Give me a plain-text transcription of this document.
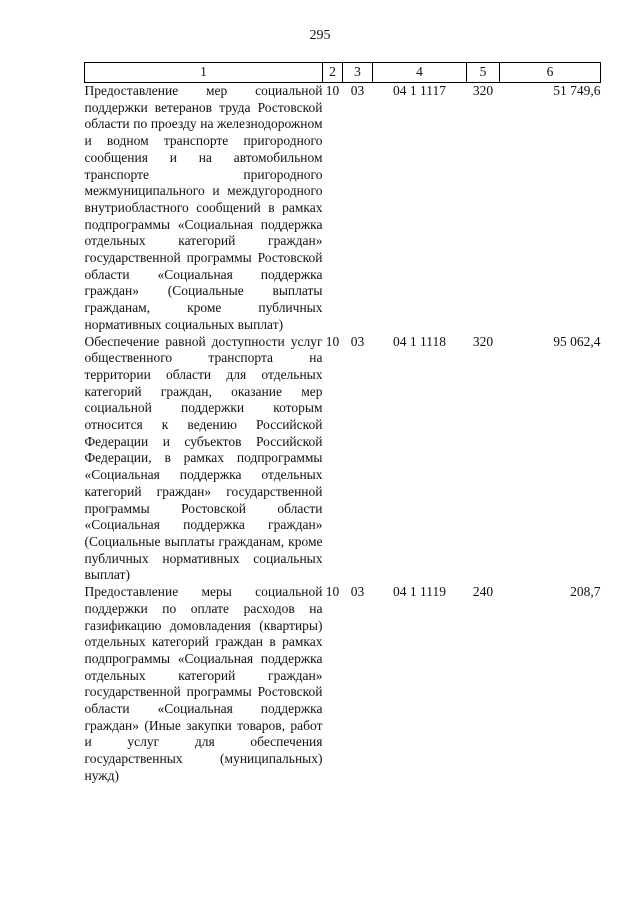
295
1	2	3	4	5	6
Предоставление мер социальной поддержки ветеранов труда Ростовской области по проезду на железнодорожном и водном транспорте пригородного сообщения и на автомобильном транспорте пригородного межмуниципального и междугородного внутриобластного сообщений в рамках подпрограммы «Социальная поддержка отдельных категорий граждан» государственной программы Ростовской области «Социальная поддержка граждан» (Социальные выплаты гражданам, кроме публичных нормативных социальных выплат)	10	03	04 1 1117	320	51 749,6
Обеспечение равной доступности услуг общественного транспорта на территории области для отдельных категорий граждан, оказание мер социальной поддержки которым относится к ведению Российской Федерации и субъектов Российской Федерации, в рамках подпрограммы «Социальная поддержка отдельных категорий граждан» государственной программы Ростовской области «Социальная поддержка граждан» (Социальные выплаты гражданам, кроме публичных нормативных социальных выплат)	10	03	04 1 1118	320	95 062,4
Предоставление меры социальной поддержки по оплате расходов на газификацию домовладения (квартиры) отдельных категорий граждан в рамках подпрограммы «Социальная поддержка отдельных категорий граждан» государственной программы Ростовской области «Социальная поддержка граждан» (Иные закупки товаров, работ и услуг для обеспечения государственных (муниципальных) нужд)	10	03	04 1 1119	240	208,7
